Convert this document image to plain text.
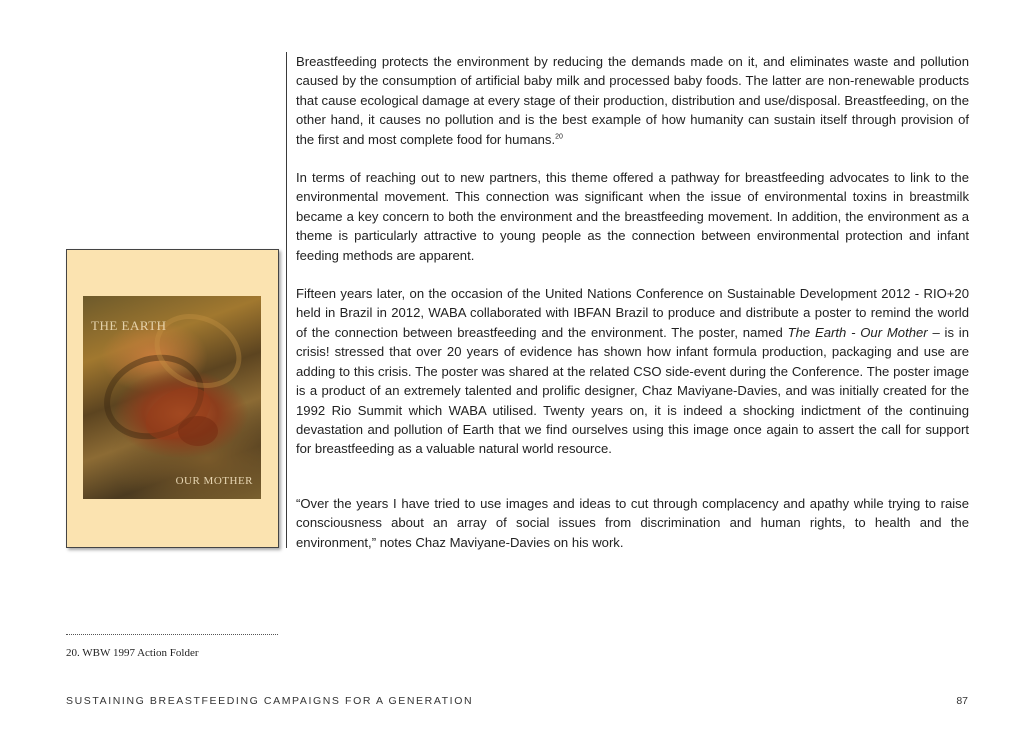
THE EARTH
OUR MOTHER

Breastfeeding protects the environment by reducing the demands made on it, and eliminates waste and pollution caused by the consumption of artificial baby milk and processed baby foods. The latter are non-renewable products that cause ecological damage at every stage of their production, distribution and use/disposal. Breastfeeding, on the other hand, it causes no pollution and is the best example of how humanity can sustain itself through provision of the first and most complete food for humans.$^{20}$

In terms of reaching out to new partners, this theme offered a pathway for breastfeeding advocates to link to the environmental movement. This connection was significant when the issue of environmental toxins in breastmilk became a key concern to both the environment and the breastfeeding movement. In addition, the environment as a theme is particularly attractive to young people as the connection between environmental protection and infant feeding methods are apparent.

Fifteen years later, on the occasion of the United Nations Conference on Sustainable Development 2012 - RIO+20 held in Brazil in 2012, WABA collaborated with IBFAN Brazil to produce and distribute a poster to remind the world of the connection between breastfeeding and the environment. The poster, named The Earth - Our Mother – is in crisis! stressed that over 20 years of evidence has shown how infant formula production, packaging and use are adding to this crisis. The poster was shared at the related CSO side-event during the Conference. The poster image is a product of an extremely talented and prolific designer, Chaz Maviyane-Davies, and was initially created for the 1992 Rio Summit which WABA utilised. Twenty years on, it is indeed a shocking indictment of the continuing devastation and pollution of Earth that we find ourselves using this image once again to assert the call for support for breastfeeding as a valuable natural world resource.

“Over the years I have tried to use images and ideas to cut through complacency and apathy while trying to raise consciousness about an array of social issues from discrimination and human rights, to health and the environment,” notes Chaz Maviyane-Davies on his work.

20. WBW 1997 Action Folder
SUSTAINING BREASTFEEDING CAMPAIGNS FOR A GENERATION	87
